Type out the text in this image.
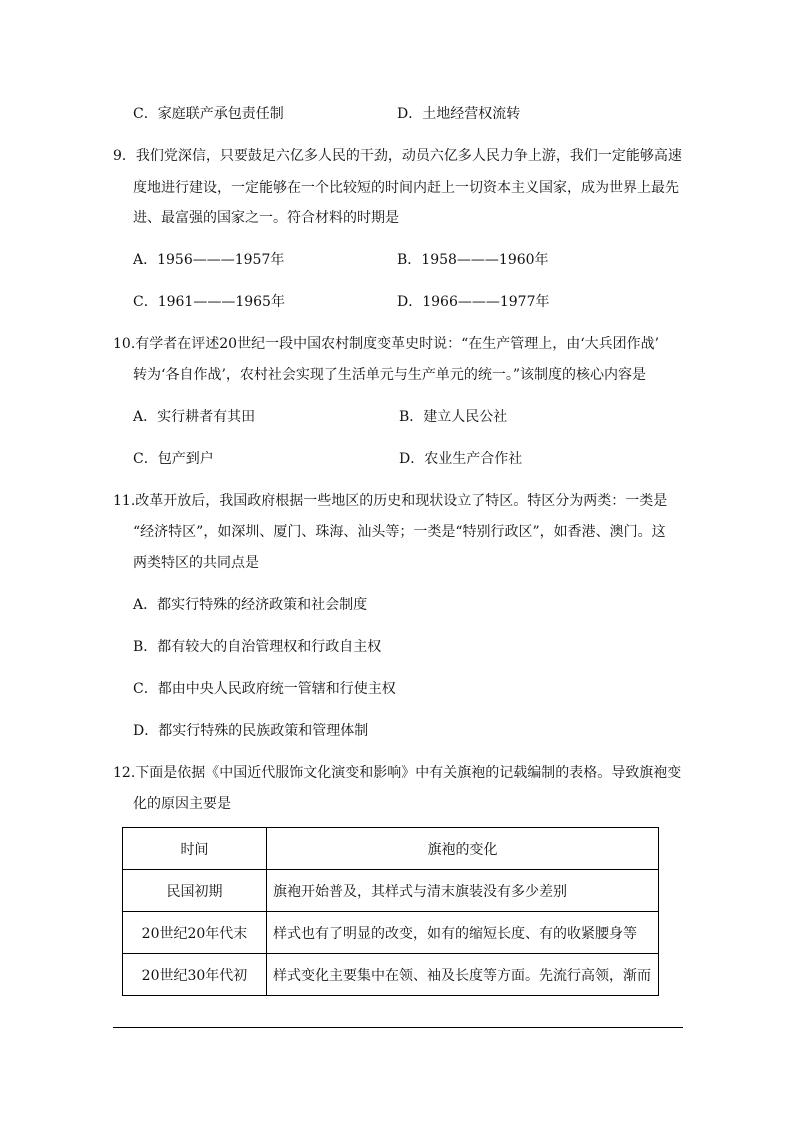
C．家庭联产承包责任制	D．土地经营权流转
9．我们党深信，只要鼓足六亿多人民的干劲，动员六亿多人民力争上游，我们一定能够高速
度地进行建设，一定能够在一个比较短的时间内赶上一切资本主义国家，成为世界上最先
进、最富强的国家之一。符合材料的时期是
A．1956———1957年	B．1958———1960年
C．1961———1965年	D．1966———1977年
10.有学者在评述20世纪一段中国农村制度变革史时说：“在生产管理上，由‘大兵团作战’
转为‘各自作战’，农村社会实现了生活单元与生产单元的统一。”该制度的核心内容是
A．实行耕者有其田	B．建立人民公社
C．包产到户	D．农业生产合作社
11.改革开放后，我国政府根据一些地区的历史和现状设立了特区。特区分为两类：一类是
“经济特区”，如深圳、厦门、珠海、汕头等；一类是“特别行政区”，如香港、澳门。这
两类特区的共同点是
A．都实行特殊的经济政策和社会制度
B．都有较大的自治管理权和行政自主权
C．都由中央人民政府统一管辖和行使主权
D．都实行特殊的民族政策和管理体制
12.下面是依据《中国近代服饰文化演变和影响》中有关旗袍的记载编制的表格。导致旗袍变
化的原因主要是
时间	旗袍的变化
民国初期	旗袍开始普及，其样式与清末旗装没有多少差别
20世纪20年代末	样式也有了明显的改变，如有的缩短长度、有的收紧腰身等
20世纪30年代初	样式变化主要集中在领、袖及长度等方面。先流行高领，渐而
